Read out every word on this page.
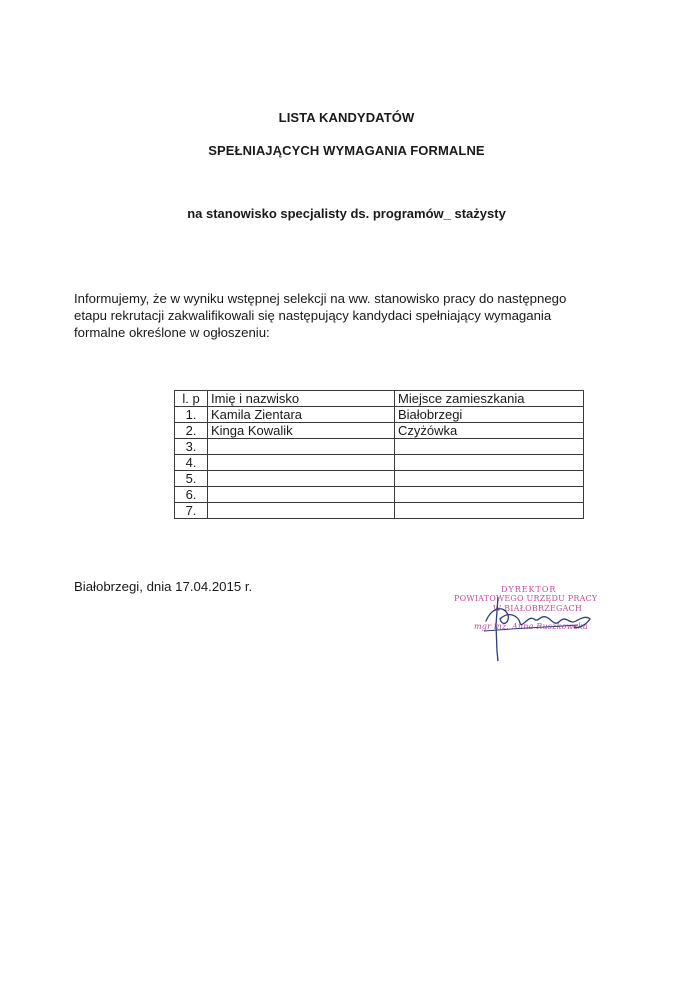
LISTA KANDYDATÓW
SPEŁNIAJĄCYCH WYMAGANIA FORMALNE
na stanowisko specjalisty ds. programów_ stażysty
Informujemy, że w wyniku wstępnej selekcji na ww. stanowisko pracy do następnego
etapu rekrutacji zakwalifikowali się następujący kandydaci spełniający wymagania
formalne określone w ogłoszeniu:
l. p	Imię i nazwisko	Miejsce zamieszkania
1.	Kamila Zientara	Białobrzegi
2.	Kinga Kowalik	Czyżówka
3.		
4.		
5.		
6.		
7.		
Białobrzegi, dnia 17.04.2015 r.	DYREKTOR
POWIATOWEGO URZĘDU PRACY
W BIAŁOBRZEGACH
mgr inż. Anna Ruszkowska
